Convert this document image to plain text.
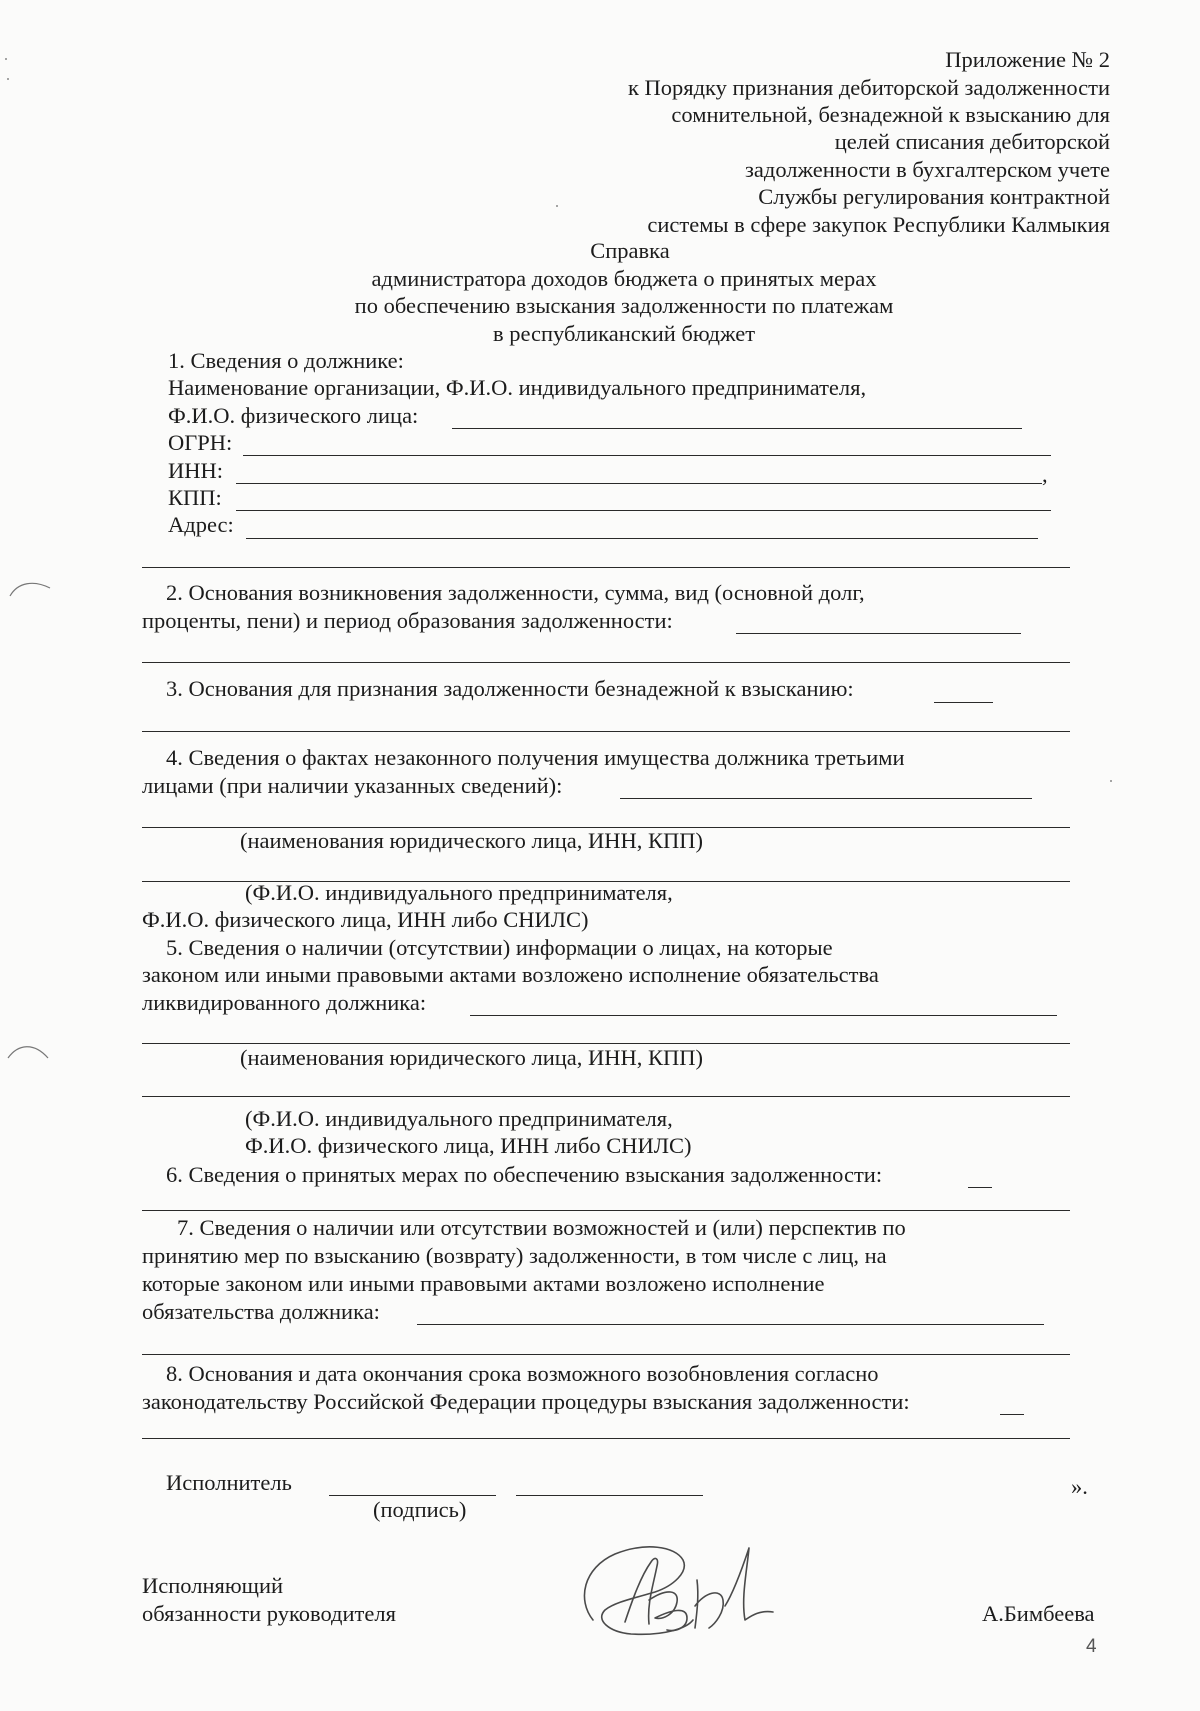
Приложение № 2
к Порядку признания дебиторской задолженности
сомнительной, безнадежной к взысканию для
целей списания дебиторской
задолженности в бухгалтерском учете
Службы регулирования контрактной
системы в сфере закупок Республики Калмыкия
Справка
администратора доходов бюджета о принятых мерах
по обеспечению взыскания задолженности по платежам
в республиканский бюджет
1. Сведения о должнике:
Наименование организации, Ф.И.О. индивидуального предпринимателя,
Ф.И.О. физического лица:
ОГРН:
ИНН:	,
КПП:
Адрес:
2. Основания возникновения задолженности, сумма, вид (основной долг,
проценты, пени) и период образования задолженности:
3. Основания для признания задолженности безнадежной к взысканию:
4. Сведения о фактах незаконного получения имущества должника третьими
лицами (при наличии указанных сведений):
(наименования юридического лица, ИНН, КПП)
(Ф.И.О. индивидуального предпринимателя,
Ф.И.О. физического лица, ИНН либо СНИЛС)
5. Сведения о наличии (отсутствии) информации о лицах, на которые
законом или иными правовыми актами возложено исполнение обязательства
ликвидированного должника:
(наименования юридического лица, ИНН, КПП)
(Ф.И.О. индивидуального предпринимателя,
Ф.И.О. физического лица, ИНН либо СНИЛС)
6. Сведения о принятых мерах по обеспечению взыскания задолженности:
7. Сведения о наличии или отсутствии возможностей и (или) перспектив по
принятию мер по взысканию (возврату) задолженности, в том числе с лиц, на
которые законом или иными правовыми актами возложено исполнение
обязательства должника:
8. Основания и дата окончания срока возможного возобновления согласно
законодательству Российской Федерации процедуры взыскания задолженности:
Исполнитель	».
(подпись)
Исполняющий
обязанности руководителя	А.Бимбеева
4
